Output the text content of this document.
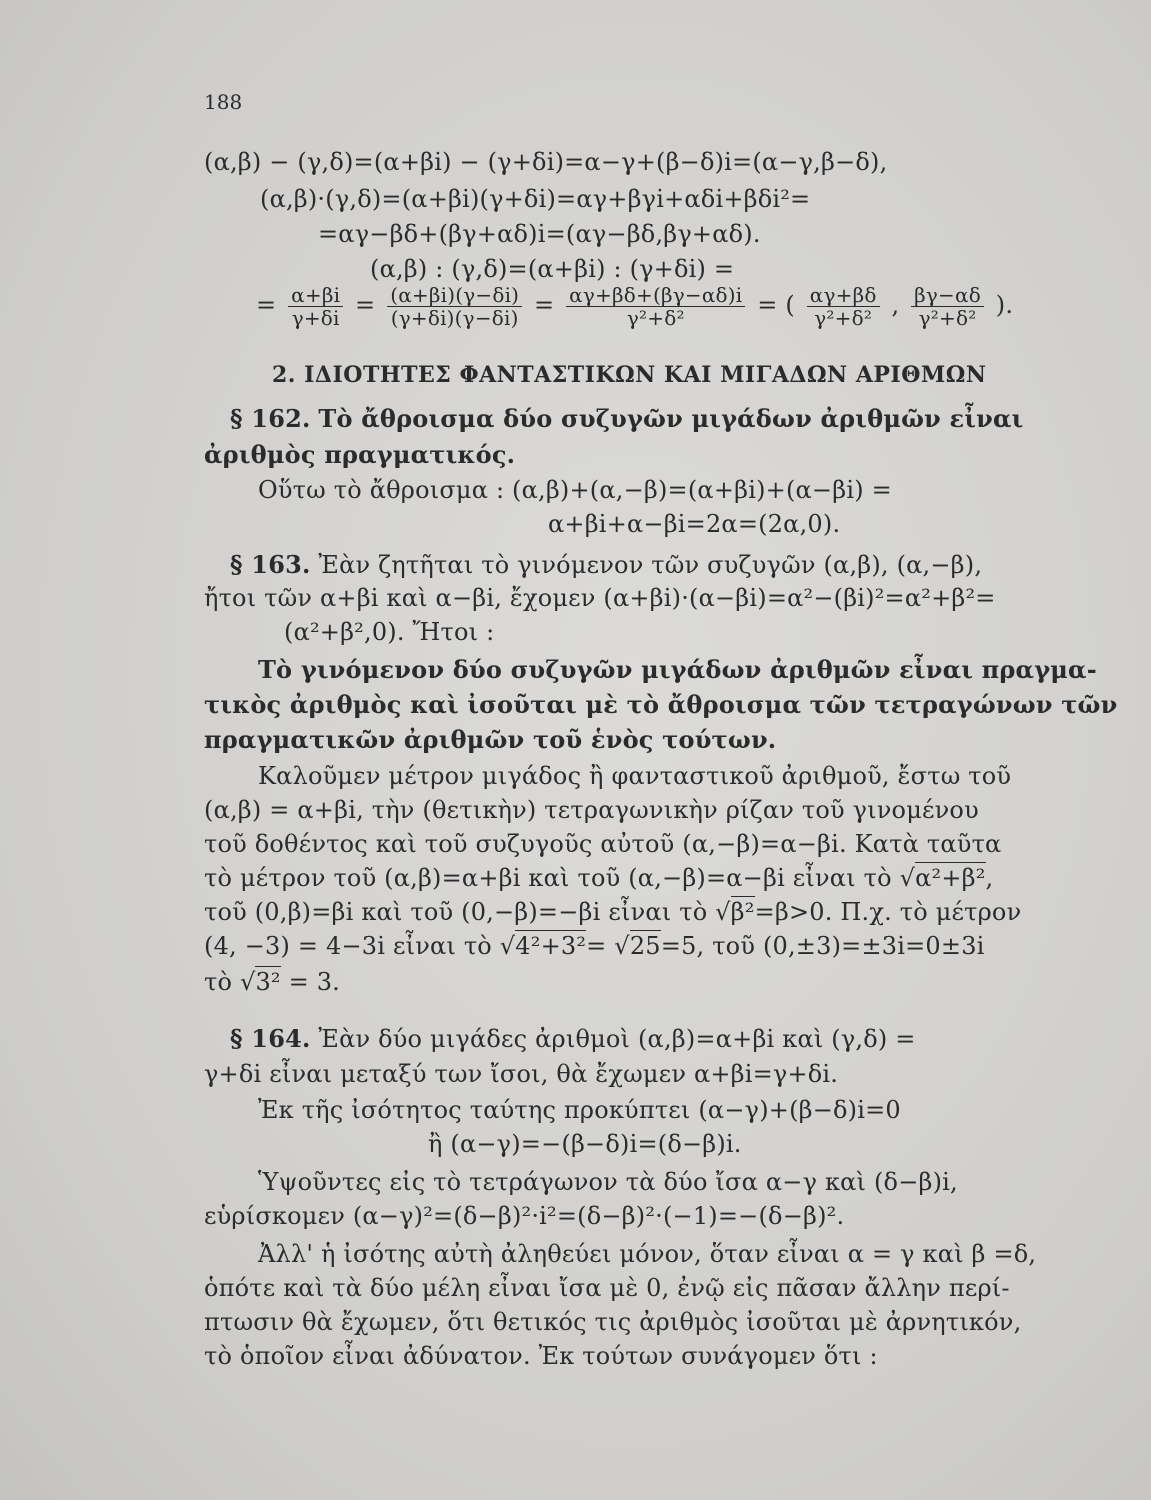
188
(α,β) − (γ,δ)=(α+βi) − (γ+δi)=α−γ+(β−δ)i=(α−γ,β−δ),
(α,β)·(γ,δ)=(α+βi)(γ+δi)=αγ+βγi+αδi+βδi²=
=αγ−βδ+(βγ+αδ)i=(αγ−βδ,βγ+αδ).
(α,β) : (γ,δ)=(α+βi) : (γ+δi) =
= $\frac{\alpha+\beta i}{\gamma+\delta i} = \frac{(\alpha+\beta i)(\gamma-\delta i)}{(\gamma+\delta i)(\gamma-\delta i)} = \frac{\alpha\gamma+\beta\delta+(\beta\gamma-\alpha\delta)i}{\text{γ²+δ²}}$ = ( $\frac{\alpha\gamma+\beta\delta}{\text{γ²+δ²}}$ , $\frac{\beta\gamma-\alpha\delta}{\text{γ²+δ²}}$ ).
2. ΙΔΙΟΤΗΤΕΣ ΦΑΝΤΑΣΤΙΚΩΝ ΚΑΙ ΜΙΓΑΔΩΝ ΑΡΙΘΜΩΝ
§ 162. Τὸ ἄθροισμα δύο συζυγῶν μιγάδων ἀριθμῶν εἶναι
ἀριθμὸς πραγματικός.
Οὕτω τὸ ἄθροισμα : (α,β)+(α,−β)=(α+βi)+(α−βi) =
α+βi+α−βi=2α=(2α,0).
§ 163. Ἐὰν ζητῆται τὸ γινόμενον τῶν συζυγῶν (α,β), (α,−β),
ἤτοι τῶν α+βi καὶ α−βi, ἔχομεν (α+βi)·(α−βi)=α²−(βi)²=α²+β²=
(α²+β²,0). Ἤτοι :
Τὸ γινόμενον δύο συζυγῶν μιγάδων ἀριθμῶν εἶναι πραγμα-
τικὸς ἀριθμὸς καὶ ἰσοῦται μὲ τὸ ἄθροισμα τῶν τετραγώνων τῶν
πραγματικῶν ἀριθμῶν τοῦ ἑνὸς τούτων.
Καλοῦμεν μέτρον μιγάδος ἢ φανταστικοῦ ἀριθμοῦ, ἔστω τοῦ
(α,β) = α+βi, τὴν (θετικὴν) τετραγωνικὴν ρίζαν τοῦ γινομένου
τοῦ δοθέντος καὶ τοῦ συζυγοῦς αὐτοῦ (α,−β)=α−βi. Κατὰ ταῦτα
τὸ μέτρον τοῦ (α,β)=α+βi καὶ τοῦ (α,−β)=α−βi εἶναι τὸ √α²+β²,
τοῦ (0,β)=βi καὶ τοῦ (0,−β)=−βi εἶναι τὸ √β²=β>0. Π.χ. τὸ μέτρον
(4, −3) = 4−3i εἶναι τὸ √4²+3²= √25=5, τοῦ (0,±3)=±3i=0±3i
τὸ √3² = 3.
§ 164. Ἐὰν δύο μιγάδες ἀριθμοὶ (α,β)=α+βi καὶ (γ,δ) =
γ+δi εἶναι μεταξύ των ἴσοι, θὰ ἔχωμεν α+βi=γ+δi.
Ἐκ τῆς ἰσότητος ταύτης προκύπτει (α−γ)+(β−δ)i=0
ἢ (α−γ)=−(β−δ)i=(δ−β)i.
Ὑψοῦντες εἰς τὸ τετράγωνον τὰ δύο ἴσα α−γ καὶ (δ−β)i,
εὑρίσκομεν (α−γ)²=(δ−β)²·i²=(δ−β)²·(−1)=−(δ−β)².
Ἀλλ' ἡ ἰσότης αὐτὴ ἀληθεύει μόνον, ὅταν εἶναι α = γ καὶ β =δ,
ὁπότε καὶ τὰ δύο μέλη εἶναι ἴσα μὲ 0, ἐνῷ εἰς πᾶσαν ἄλλην περί-
πτωσιν θὰ ἔχωμεν, ὅτι θετικός τις ἀριθμὸς ἰσοῦται μὲ ἀρνητικόν,
τὸ ὁποῖον εἶναι ἀδύνατον. Ἐκ τούτων συνάγομεν ὅτι :
